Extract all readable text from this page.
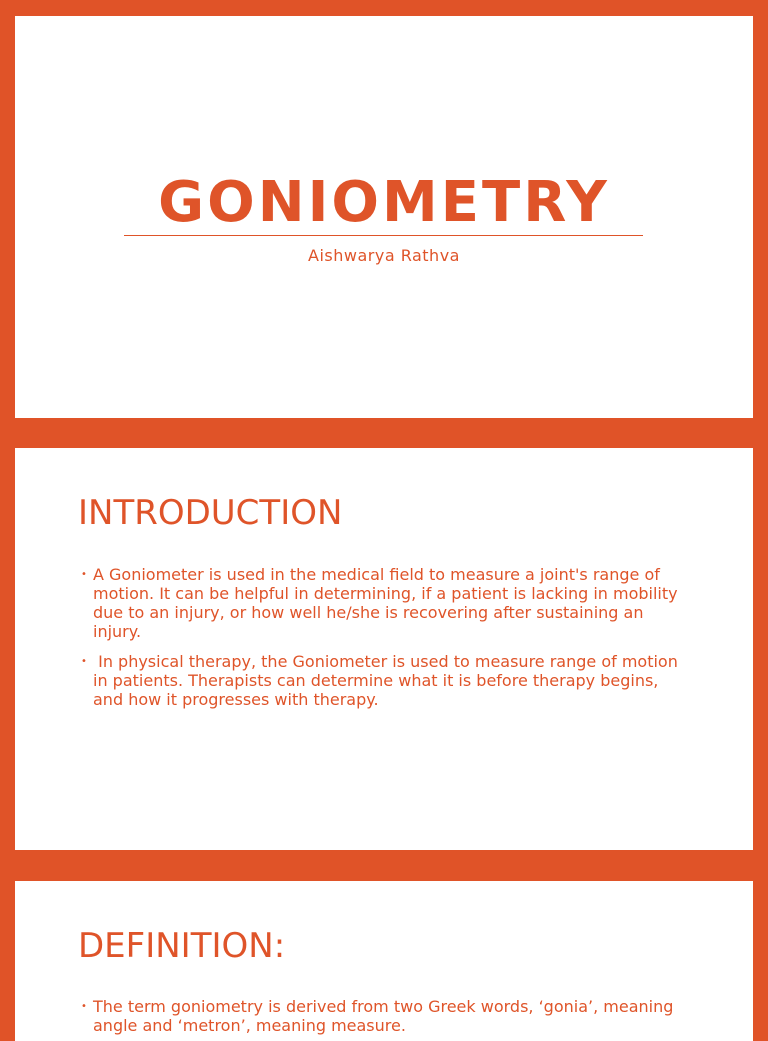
GONIOMETRY
Aishwarya Rathva
INTRODUCTION
• A Goniometer is used in the medical field to measure a joint's range of motion. It can be helpful in determining, if a patient is lacking in mobility due to an injury, or how well he/she is recovering after sustaining an injury.
• In physical therapy, the Goniometer is used to measure range of motion in patients. Therapists can determine what it is before therapy begins, and how it progresses with therapy.
DEFINITION:
• The term goniometry is derived from two Greek words, ‘gonia’, meaning angle and ‘metron’, meaning measure.
